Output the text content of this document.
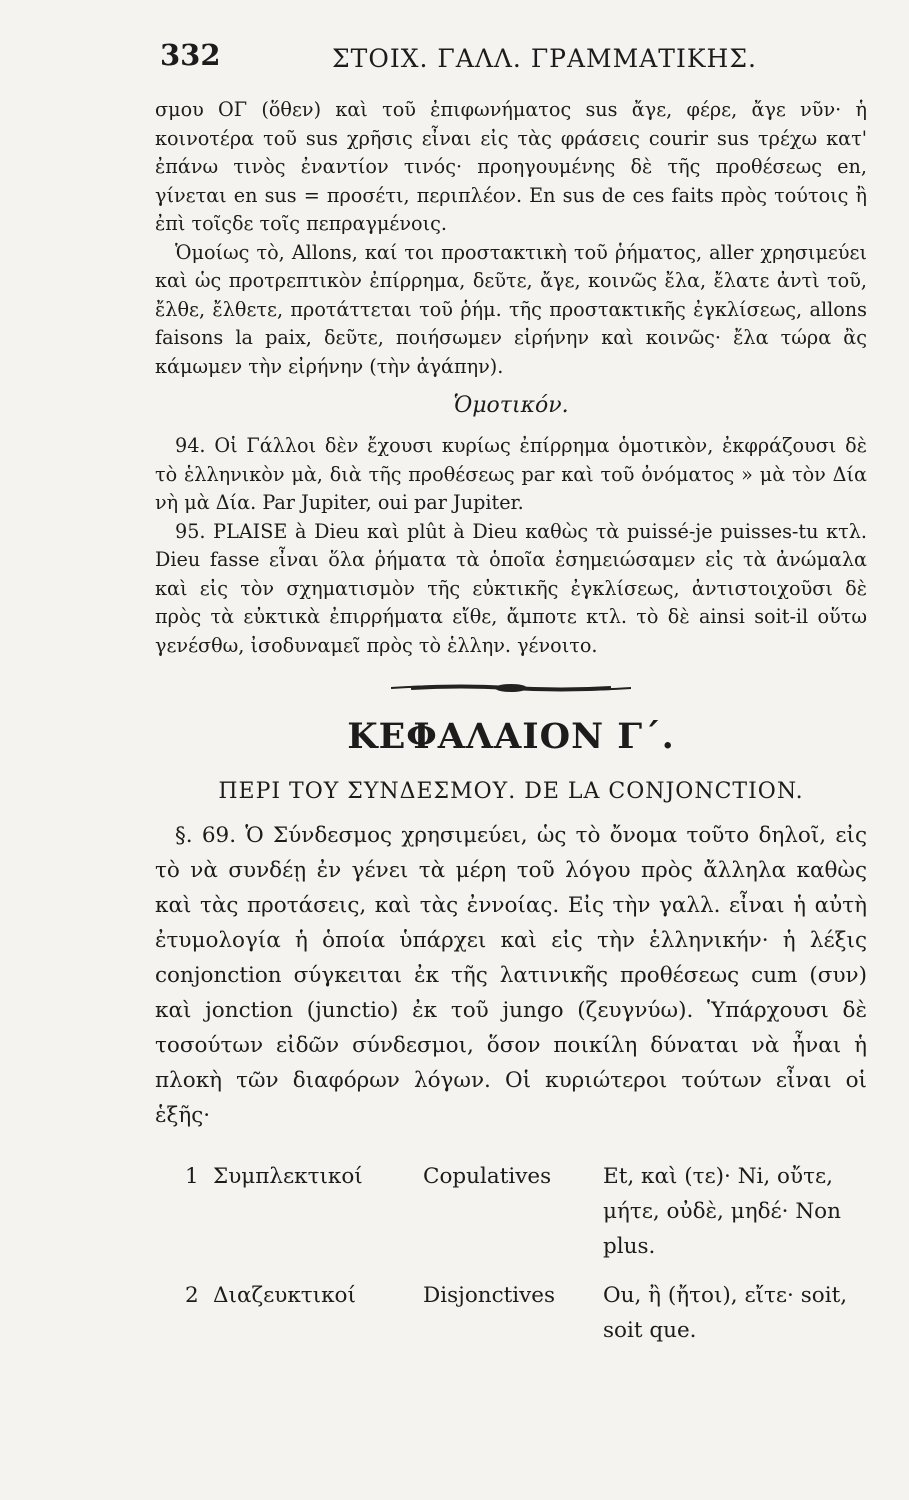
332	ΣΤΟΙΧ. ΓΑΛΛ. ΓΡΑΜΜΑΤΙΚΗΣ.

σμου ΟΓ (ὅθεν) καὶ τοῦ ἐπιφωνήματος sus ἄγε, φέρε, ἄγε νῦν· ἡ κοινοτέρα τοῦ sus χρῆσις εἶναι εἰς τὰς φράσεις courir sus τρέχω κατ' ἐπάνω τινὸς ἐναντίον τινός· προηγουμένης δὲ τῆς προθέσεως en, γίνεται en sus = προσέτι, περιπλέον. En sus de ces faits πρὸς τούτοις ἢ ἐπὶ τοῖςδε τοῖς πεπραγμένοις.

Ὁμοίως τὸ, Allons, καί τοι προστακτικὴ τοῦ ῥήματος, aller χρησιμεύει καὶ ὡς προτρεπτικὸν ἐπίρρημα, δεῦτε, ἄγε, κοινῶς ἔλα, ἔλατε ἀντὶ τοῦ, ἔλθε, ἔλθετε, προτάττεται τοῦ ῥήμ. τῆς προστακτικῆς ἐγκλίσεως, allons faisons la paix, δεῦτε, ποιήσωμεν εἰρήνην καὶ κοινῶς· ἔλα τώρα ἂς κάμωμεν τὴν εἰρήνην (τὴν ἀγάπην).

Ὁμοτικόν.

94. Οἱ Γάλλοι δὲν ἔχουσι κυρίως ἐπίρρημα ὁμοτικὸν, ἐκφράζουσι δὲ τὸ ἑλληνικὸν μὰ, διὰ τῆς προθέσεως par καὶ τοῦ ὀνόματος » μὰ τὸν Δία νὴ μὰ Δία. Par Jupiter, oui par Jupiter.

95. PLAISE à Dieu καὶ plût à Dieu καθὼς τὰ puissé-je puisses-tu κτλ. Dieu fasse εἶναι ὅλα ῥήματα τὰ ὁποῖα ἐσημειώσαμεν εἰς τὰ ἀνώμαλα καὶ εἰς τὸν σχηματισμὸν τῆς εὐκτικῆς ἐγκλίσεως, ἀντιστοιχοῦσι δὲ πρὸς τὰ εὐκτικὰ ἐπιρρήματα εἴθε, ἄμποτε κτλ. τὸ δὲ ainsi soit-il οὕτω γενέσθω, ἰσοδυναμεῖ πρὸς τὸ ἑλλην. γένοιτο.

ΚΕΦΑΛΑΙΟΝ Γ΄.
ΠΕΡΙ ΤΟΥ ΣΥΝΔΕΣΜΟΥ. DE LA CONJONCTION.

§. 69. Ὁ Σύνδεσμος χρησιμεύει, ὡς τὸ ὄνομα τοῦτο δηλοῖ, εἰς τὸ νὰ συνδέῃ ἐν γένει τὰ μέρη τοῦ λόγου πρὸς ἄλληλα καθὼς καὶ τὰς προτάσεις, καὶ τὰς ἐννοίας. Εἰς τὴν γαλλ. εἶναι ἡ αὐτὴ ἐτυμολογία ἡ ὁποία ὑπάρχει καὶ εἰς τὴν ἑλληνικήν· ἡ λέξις conjonction σύγκειται ἐκ τῆς λατινικῆς προθέσεως cum (συν) καὶ jonction (junctio) ἐκ τοῦ jungo (ζευγνύω). Ὑπάρχουσι δὲ τοσούτων εἰδῶν σύνδεσμοι, ὅσον ποικίλη δύναται νὰ ἦναι ἡ πλοκὴ τῶν διαφόρων λόγων. Οἱ κυριώτεροι τούτων εἶναι οἱ ἑξῆς·

1 Συμπλεκτικοί	Copulatives	Et, καὶ (τε)· Ni, οὔτε, μήτε, οὐδὲ, μηδέ· Non plus.
2 Διαζευκτικοί	Disjonctives	Ou, ἢ (ἤτοι), εἴτε· soit, soit que.
